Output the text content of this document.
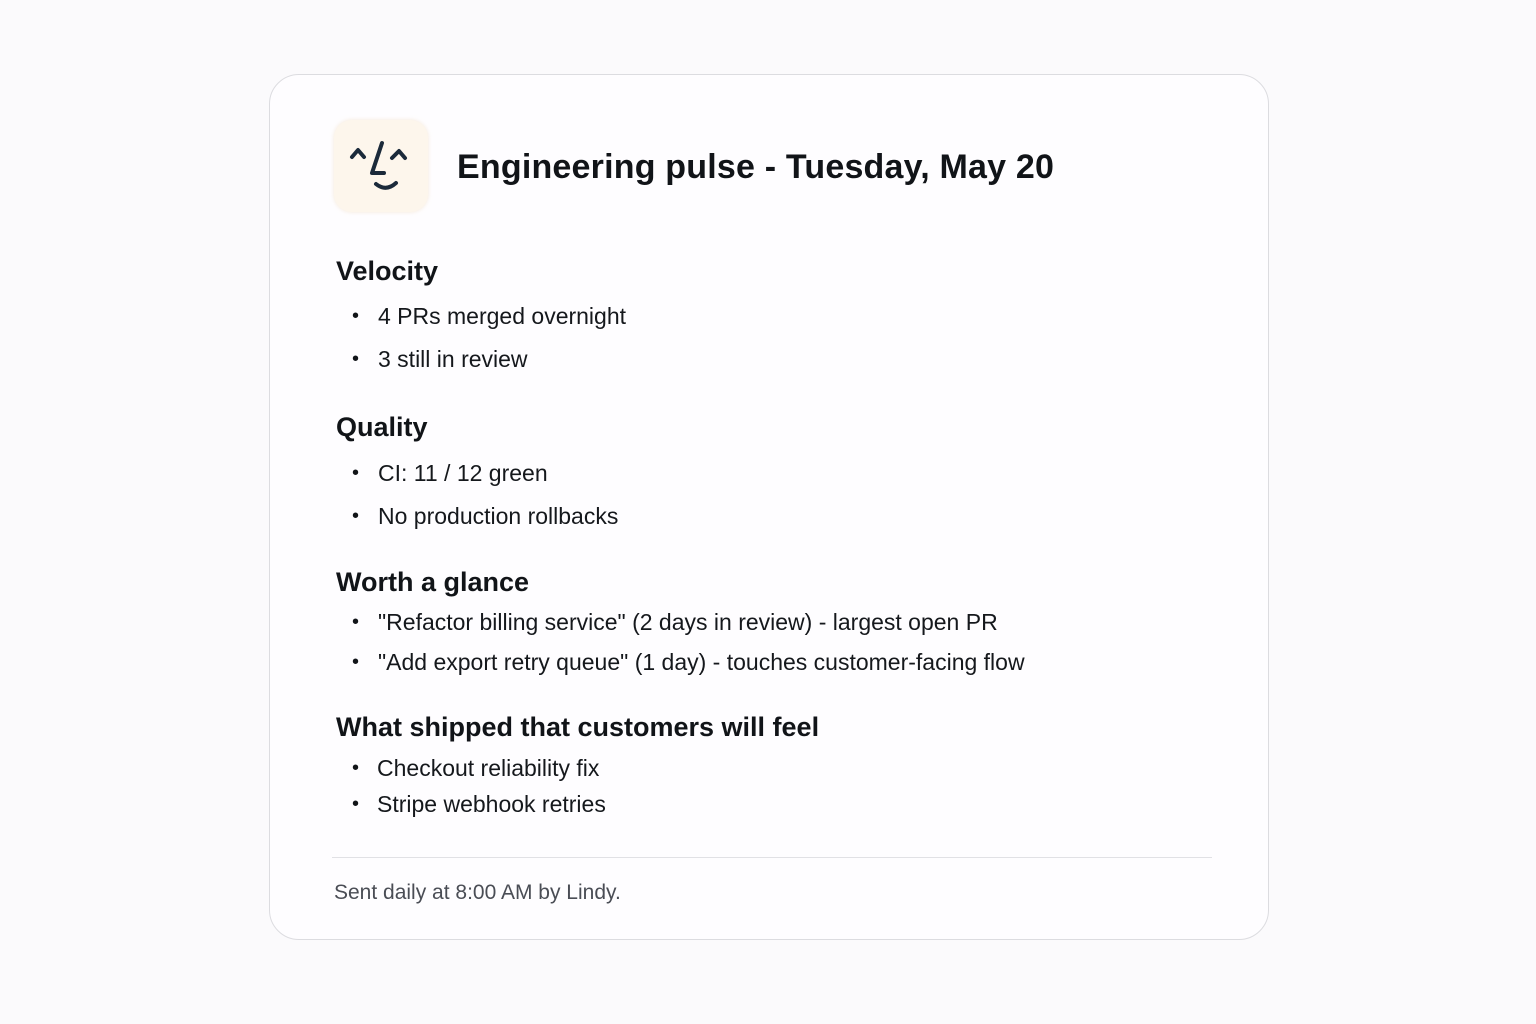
Engineering pulse - Tuesday, May 20
Velocity
• 4 PRs merged overnight
• 3 still in review
Quality
• CI: 11 / 12 green
• No production rollbacks
Worth a glance
• "Refactor billing service" (2 days in review) - largest open PR
• "Add export retry queue" (1 day) - touches customer-facing flow
What shipped that customers will feel
• Checkout reliability fix
• Stripe webhook retries
Sent daily at 8:00 AM by Lindy.
